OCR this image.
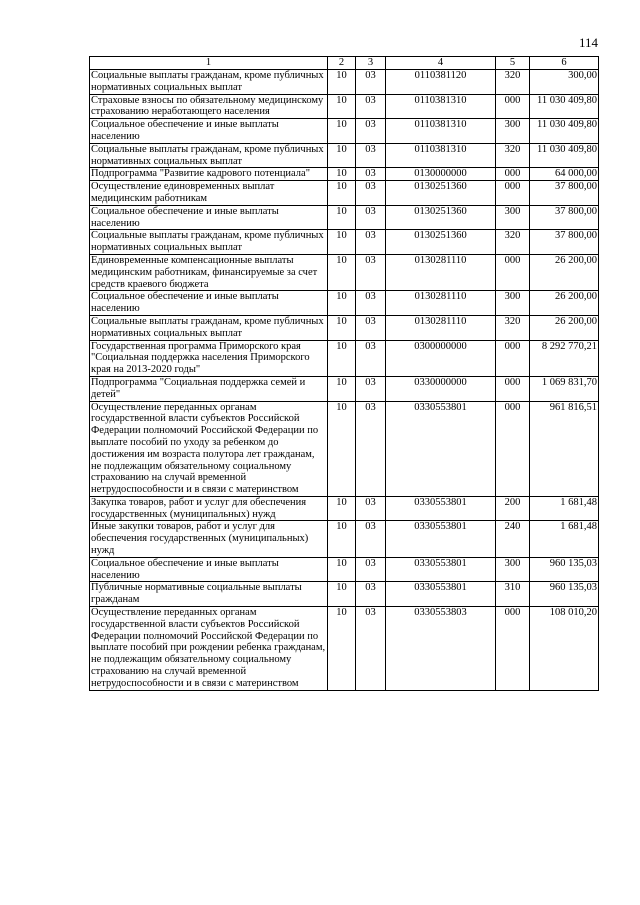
114
1	2	3	4	5	6
Социальные выплаты гражданам, кроме публичных нормативных социальных выплат	10	03	0110381120	320	300,00
Страховые взносы по обязательному медицинскому страхованию неработающего населения	10	03	0110381310	000	11 030 409,80
Социальное обеспечение и иные выплаты населению	10	03	0110381310	300	11 030 409,80
Социальные выплаты гражданам, кроме публичных нормативных социальных выплат	10	03	0110381310	320	11 030 409,80
Подпрограмма "Развитие кадрового потенциала"	10	03	0130000000	000	64 000,00
Осуществление единовременных выплат медицинским работникам	10	03	0130251360	000	37 800,00
Социальное обеспечение и иные выплаты населению	10	03	0130251360	300	37 800,00
Социальные выплаты гражданам, кроме публичных нормативных социальных выплат	10	03	0130251360	320	37 800,00
Единовременные компенсационные выплаты медицинским работникам, финансируемые за счет средств краевого бюджета	10	03	0130281110	000	26 200,00
Социальное обеспечение и иные выплаты населению	10	03	0130281110	300	26 200,00
Социальные выплаты гражданам, кроме публичных нормативных социальных выплат	10	03	0130281110	320	26 200,00
Государственная программа Приморского края "Социальная поддержка населения Приморского края на 2013-2020 годы"	10	03	0300000000	000	8 292 770,21
Подпрограмма "Социальная поддержка семей и детей"	10	03	0330000000	000	1 069 831,70
Осуществление переданных органам государственной власти субъектов Российской Федерации полномочий Российской Федерации по выплате пособий по уходу за ребенком до достижения им возраста полутора лет гражданам, не подлежащим обязательному социальному страхованию на случай временной нетрудоспособности и в связи с материнством	10	03	0330553801	000	961 816,51
Закупка товаров, работ и услуг для обеспечения государственных (муниципальных) нужд	10	03	0330553801	200	1 681,48
Иные закупки товаров, работ и услуг для обеспечения государственных (муниципальных) нужд	10	03	0330553801	240	1 681,48
Социальное обеспечение и иные выплаты населению	10	03	0330553801	300	960 135,03
Публичные нормативные социальные выплаты гражданам	10	03	0330553801	310	960 135,03
Осуществление переданных органам государственной власти субъектов Российской Федерации полномочий Российской Федерации по выплате пособий при рождении ребенка гражданам, не подлежащим обязательному социальному страхованию на случай временной нетрудоспособности и в связи с материнством	10	03	0330553803	000	108 010,20
